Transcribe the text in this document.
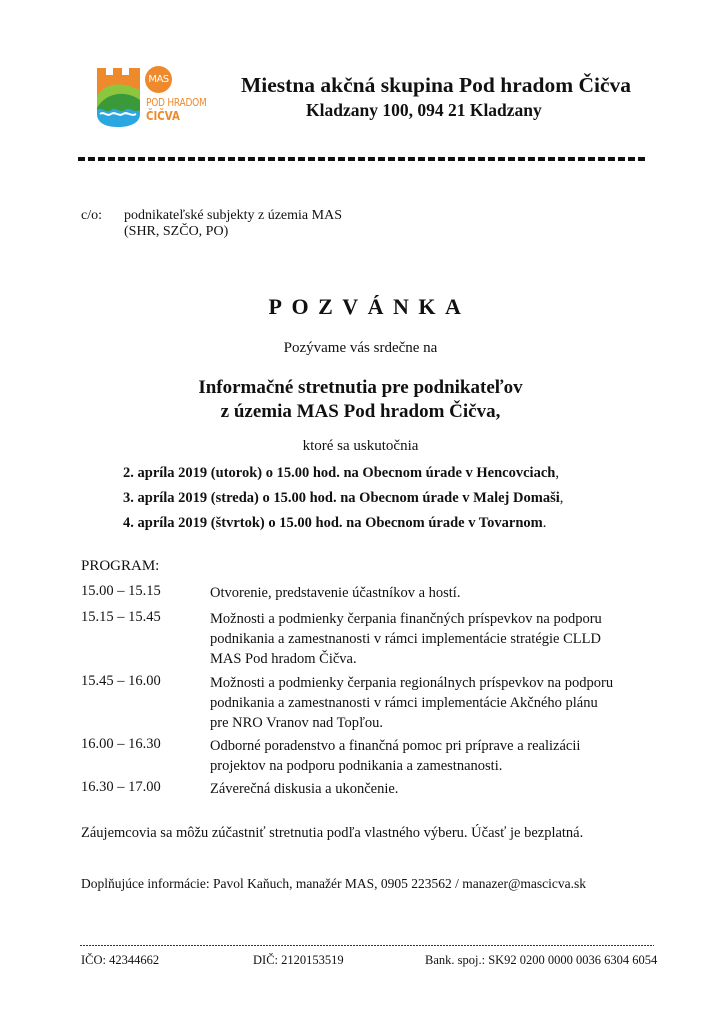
MAS
POD HRADOM
ČIČVA
Miestna akčná skupina Pod hradom Čičva
Kladzany 100, 094 21 Kladzany
c/o: podnikateľské subjekty z územia MAS
(SHR, SZČO, PO)
POZVÁNKA
Pozývame vás srdečne na
Informačné stretnutia pre podnikateľov
z územia MAS Pod hradom Čičva,
ktoré sa uskutočnia
2. apríla 2019 (utorok) o 15.00 hod. na Obecnom úrade v Hencovciach,
3. apríla 2019 (streda) o 15.00 hod. na Obecnom úrade v Malej Domaši,
4. apríla 2019 (štvrtok) o 15.00 hod. na Obecnom úrade v Tovarnom.
PROGRAM:
15.00 – 15.15	Otvorenie, predstavenie účastníkov a hostí.
15.15 – 15.45	Možnosti a podmienky čerpania finančných príspevkov na podporu
podnikania a zamestnanosti v rámci implementácie stratégie CLLD
MAS Pod hradom Čičva.
15.45 – 16.00	Možnosti a podmienky čerpania regionálnych príspevkov na podporu
podnikania a zamestnanosti v rámci implementácie Akčného plánu
pre NRO Vranov nad Topľou.
16.00 – 16.30	Odborné poradenstvo a finančná pomoc pri príprave a realizácii
projektov na podporu podnikania a zamestnanosti.
16.30 – 17.00	Záverečná diskusia a ukončenie.
Záujemcovia sa môžu zúčastniť stretnutia podľa vlastného výberu. Účasť je bezplatná.
Doplňujúce informácie: Pavol Kaňuch, manažér MAS, 0905 223562 / manazer@mascicva.sk
IČO: 42344662	DIČ: 2120153519	Bank. spoj.: SK92 0200 0000 0036 6304 6054
